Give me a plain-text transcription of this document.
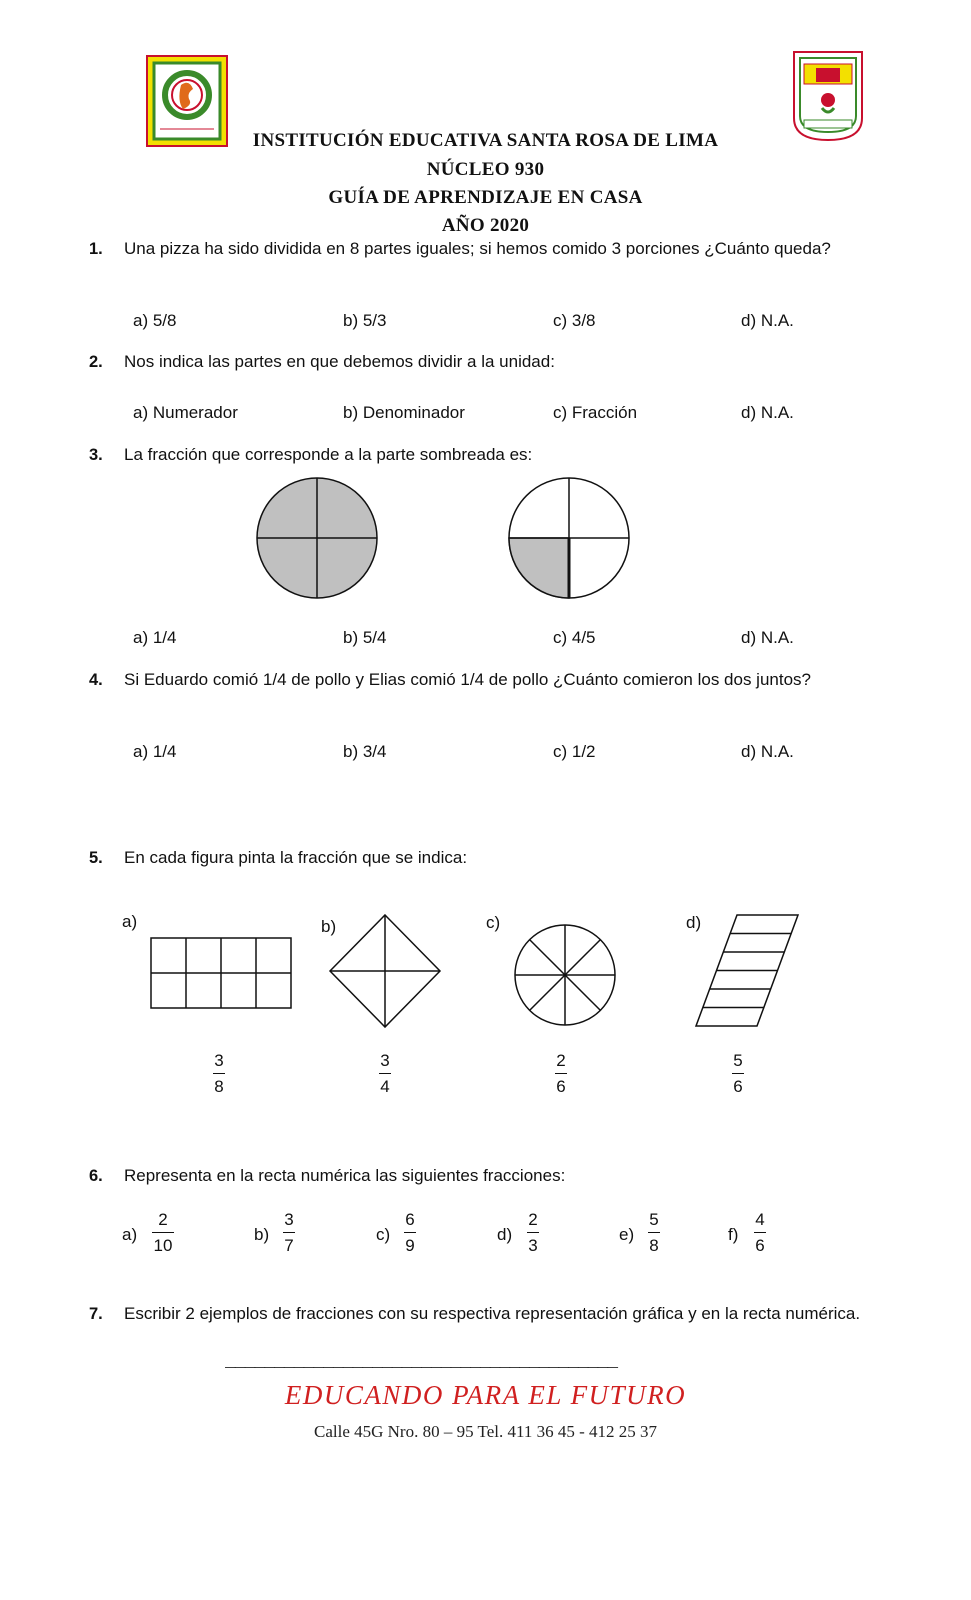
INSTITUCIÓN EDUCATIVA SANTA ROSA DE LIMA
NÚCLEO 930
GUÍA DE APRENDIZAJE EN CASA
AÑO 2020
1. Una pizza ha sido dividida en 8 partes iguales; si hemos comido 3 porciones ¿Cuánto queda?
a) 5/8	b) 5/3	c) 3/8	d) N.A.
2. Nos indica las partes en que debemos dividir a la unidad:
a) Numerador	b) Denominador	c) Fracción	d) N.A.
3. La fracción que corresponde a la parte sombreada es:
a) 1/4	b) 5/4	c) 4/5	d) N.A.
4. Si Eduardo comió 1/4 de pollo y Elias comió 1/4 de pollo ¿Cuánto comieron los dos juntos?
a) 1/4	b) 3/4	c) 1/2	d) N.A.
5. En cada figura pinta la fracción que se indica:
a)	b)	c)	d)
3
8
3
4
2
6
5
6
6. Representa en la recta numérica las siguientes fracciones:
a)
2
10
b)
3
7
c)
6
9
d)
2
3
e)
5
8
f)
4
6
7. Escribir 2 ejemplos de fracciones con su respectiva representación gráfica y en la recta numérica.
________________________________________
EDUCANDO PARA EL FUTURO
Calle 45G Nro. 80 – 95 Tel. 411 36 45 - 412 25 37
